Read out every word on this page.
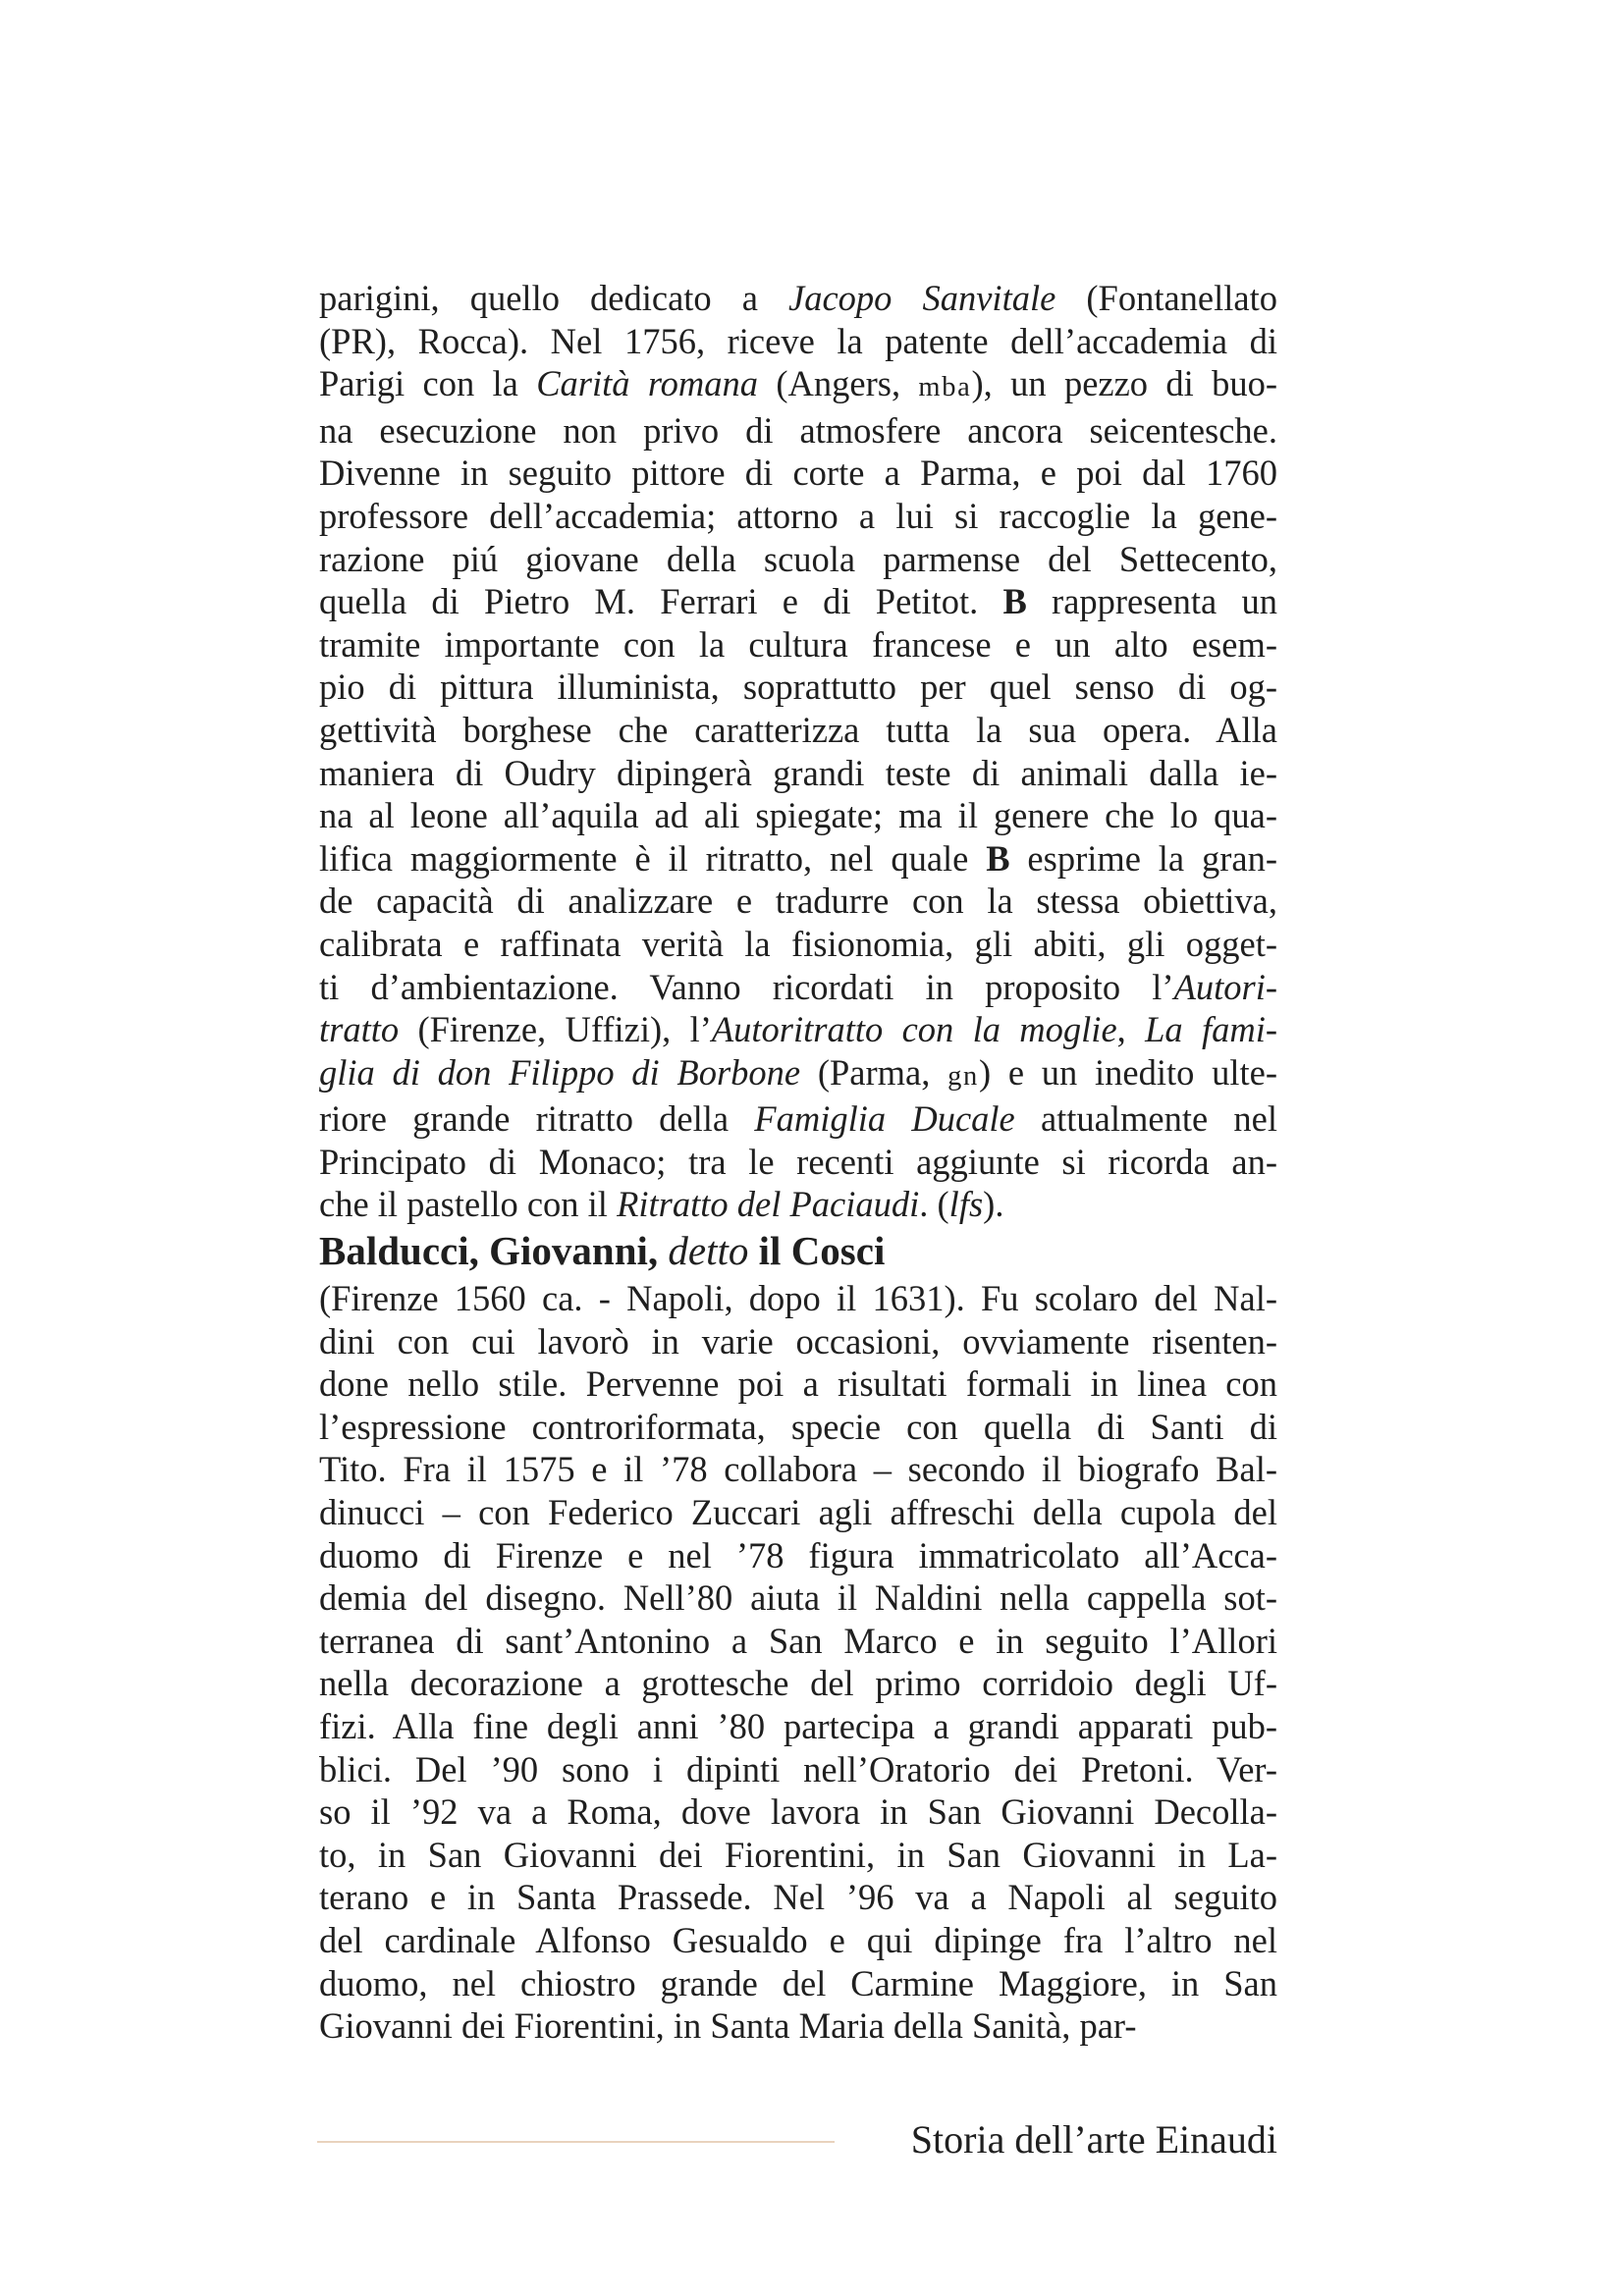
parigini, quello dedicato a Jacopo Sanvitale (Fontanellato
(PR), Rocca). Nel 1756, riceve la patente dell’accademia di
Parigi con la Carità romana (Angers, mba), un pezzo di buo-
na esecuzione non privo di atmosfere ancora seicentesche.
Divenne in seguito pittore di corte a Parma, e poi dal 1760
professore dell’accademia; attorno a lui si raccoglie la gene-
razione piú giovane della scuola parmense del Settecento,
quella di Pietro M. Ferrari e di Petitot. B rappresenta un
tramite importante con la cultura francese e un alto esem-
pio di pittura illuminista, soprattutto per quel senso di og-
gettività borghese che caratterizza tutta la sua opera. Alla
maniera di Oudry dipingerà grandi teste di animali dalla ie-
na al leone all’aquila ad ali spiegate; ma il genere che lo qua-
lifica maggiormente è il ritratto, nel quale B esprime la gran-
de capacità di analizzare e tradurre con la stessa obiettiva,
calibrata e raffinata verità la fisionomia, gli abiti, gli ogget-
ti d’ambientazione. Vanno ricordati in proposito l’Autori-
tratto (Firenze, Uffizi), l’Autoritratto con la moglie, La fami-
glia di don Filippo di Borbone (Parma, gn) e un inedito ulte-
riore grande ritratto della Famiglia Ducale attualmente nel
Principato di Monaco; tra le recenti aggiunte si ricorda an-
che il pastello con il Ritratto del Paciaudi. (lfs).
Balducci, Giovanni, detto il Cosci
(Firenze 1560 ca. - Napoli, dopo il 1631). Fu scolaro del Nal-
dini con cui lavorò in varie occasioni, ovviamente risenten-
done nello stile. Pervenne poi a risultati formali in linea con
l’espressione controriformata, specie con quella di Santi di
Tito. Fra il 1575 e il ’78 collabora – secondo il biografo Bal-
dinucci – con Federico Zuccari agli affreschi della cupola del
duomo di Firenze e nel ’78 figura immatricolato all’Acca-
demia del disegno. Nell’80 aiuta il Naldini nella cappella sot-
terranea di sant’Antonino a San Marco e in seguito l’Allori
nella decorazione a grottesche del primo corridoio degli Uf-
fizi. Alla fine degli anni ’80 partecipa a grandi apparati pub-
blici. Del ’90 sono i dipinti nell’Oratorio dei Pretoni. Ver-
so il ’92 va a Roma, dove lavora in San Giovanni Decolla-
to, in San Giovanni dei Fiorentini, in San Giovanni in La-
terano e in Santa Prassede. Nel ’96 va a Napoli al seguito
del cardinale Alfonso Gesualdo e qui dipinge fra l’altro nel
duomo, nel chiostro grande del Carmine Maggiore, in San
Giovanni dei Fiorentini, in Santa Maria della Sanità, par-
Storia dell’arte Einaudi
